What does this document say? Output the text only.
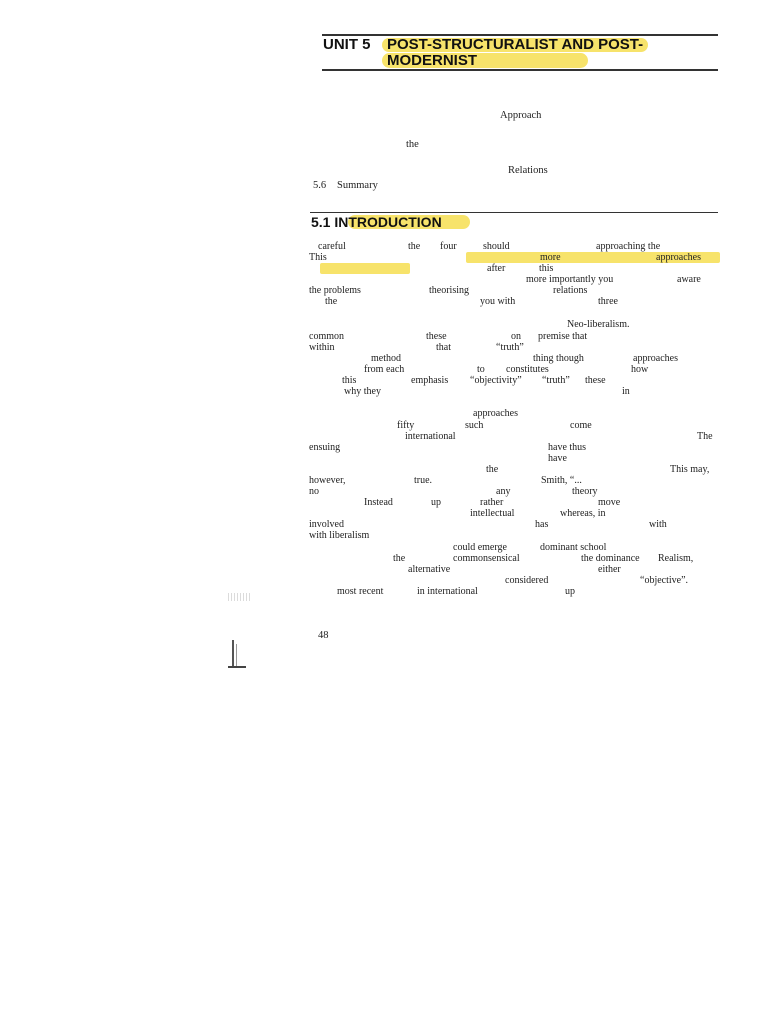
UNIT 5 POST-STRUCTURALIST AND POST-
MODERNIST
Approach
the
Relations
5.6 Summary
5.1 INTRODUCTION
careful	the four	should	approaching the
This	more	approaches
after	this
more importantly you	aware
the problems	theorising	relations
the	you with	three
Neo-liberalism.
common	these	on premise that
within	that	“truth”
method	thing though	approaches
from each	to constitutes	how
this	emphasis “objectivity” “truth” these
why they	in
approaches
fifty	such	come
international	The
ensuing	have thus
have
the	This may,
however,	true.	Smith, “...
no	any	theory
Instead	up	rather	move
intellectual	whereas, in
involved	has	with
with liberalism
could emerge	dominant school
the	commonsensical	the dominance Realism,
alternative	either
considered	“objective”.
most recent	in international	up
48
